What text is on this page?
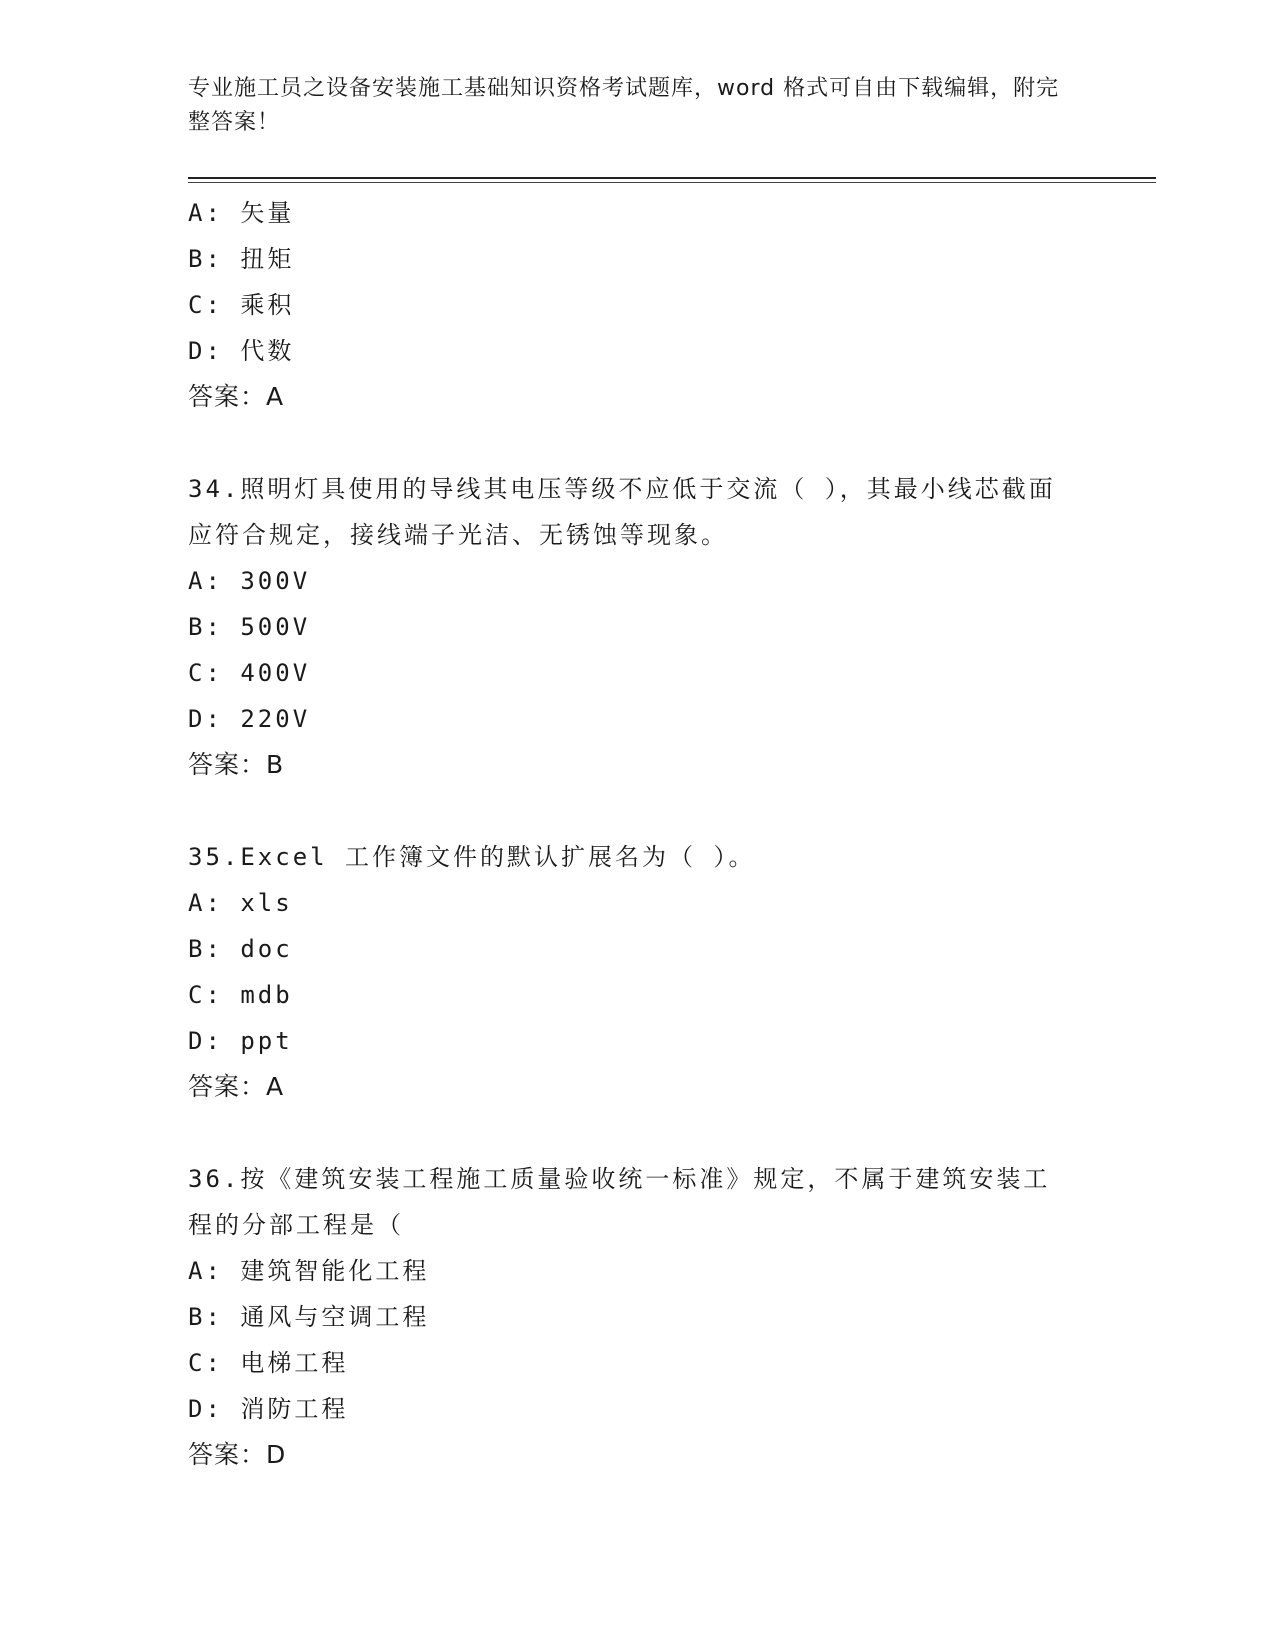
专业施工员之设备安装施工基础知识资格考试题库，word 格式可自由下载编辑，附完整答案！
A: 矢量
B: 扭矩
C: 乘积
D: 代数
答案：A
34.照明灯具使用的导线其电压等级不应低于交流（ ），其最小线芯截面应符合规定，接线端子光洁、无锈蚀等现象。
A: 300V
B: 500V
C: 400V
D: 220V
答案：B
35.Excel 工作簿文件的默认扩展名为（ ）。
A: xls
B: doc
C: mdb
D: ppt
答案：A
36.按《建筑安装工程施工质量验收统一标准》规定，不属于建筑安装工程的分部工程是（
A: 建筑智能化工程
B: 通风与空调工程
C: 电梯工程
D: 消防工程
答案：D
